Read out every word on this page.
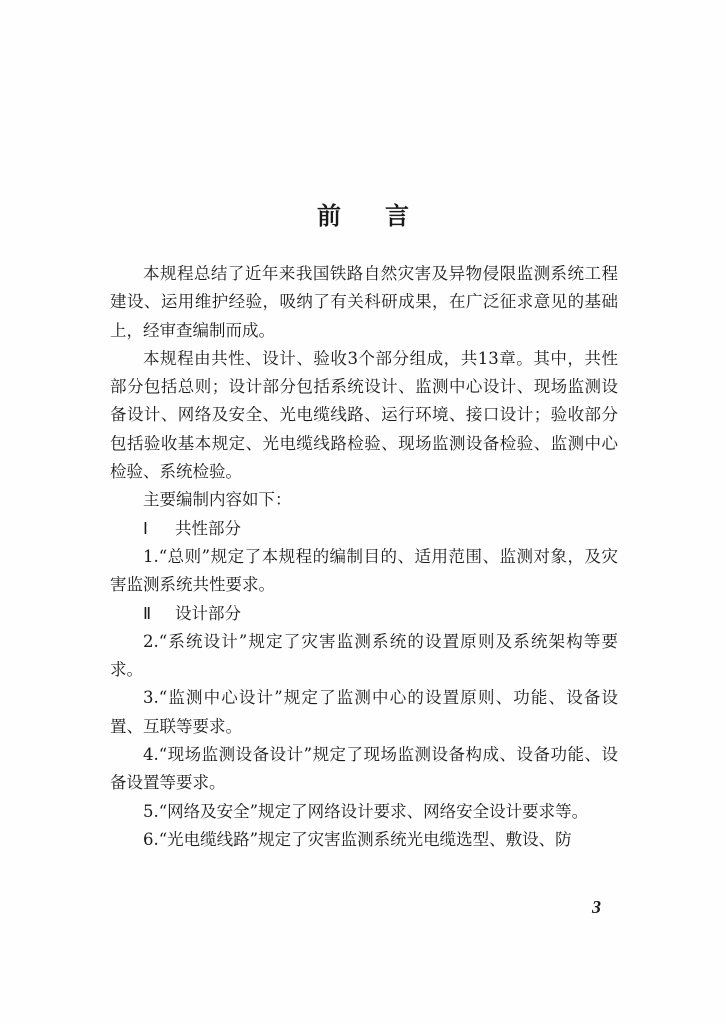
前 言

本规程总结了近年来我国铁路自然灾害及异物侵限监测系统工程建设、运用维护经验，吸纳了有关科研成果，在广泛征求意见的基础上，经审查编制而成。

本规程由共性、设计、验收3个部分组成，共13章。其中，共性部分包括总则；设计部分包括系统设计、监测中心设计、现场监测设备设计、网络及安全、光电缆线路、运行环境、接口设计；验收部分包括验收基本规定、光电缆线路检验、现场监测设备检验、监测中心检验、系统检验。

主要编制内容如下：

Ⅰ 共性部分

1.“总则”规定了本规程的编制目的、适用范围、监测对象，及灾害监测系统共性要求。

Ⅱ 设计部分

2.“系统设计”规定了灾害监测系统的设置原则及系统架构等要求。

3.“监测中心设计”规定了监测中心的设置原则、功能、设备设置、互联等要求。

4.“现场监测设备设计”规定了现场监测设备构成、设备功能、设备设置等要求。

5.“网络及安全”规定了网络设计要求、网络安全设计要求等。

6.“光电缆线路”规定了灾害监测系统光电缆选型、敷设、防

3
